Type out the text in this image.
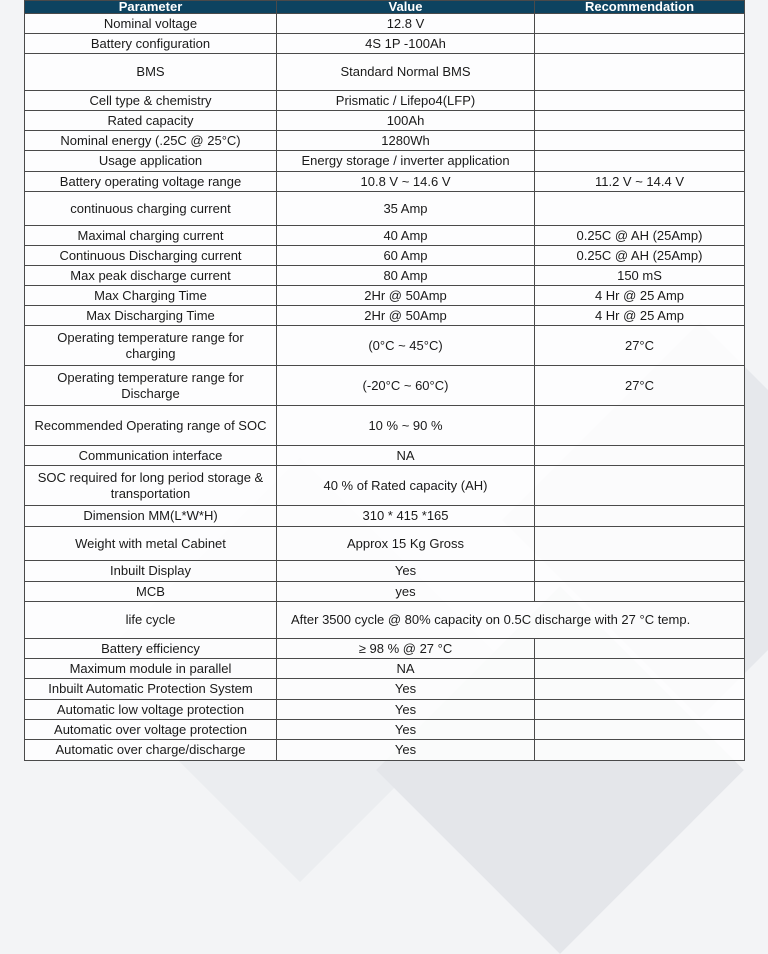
Parameter	Value	Recommendation
Nominal voltage	12.8 V	
Battery configuration	4S 1P -100Ah	
BMS	Standard Normal BMS	
Cell type & chemistry	Prismatic / Lifepo4(LFP)	
Rated capacity	100Ah	
Nominal energy (.25C @ 25°C)	1280Wh	
Usage application	Energy storage / inverter application	
Battery operating voltage range	10.8 V ~ 14.6 V	11.2 V ~ 14.4 V
continuous charging current	35 Amp	
Maximal charging current	40 Amp	0.25C @ AH (25Amp)
Continuous Discharging current	60 Amp	0.25C @ AH (25Amp)
Max peak discharge current	80 Amp	150 mS
Max Charging Time	2Hr @ 50Amp	4 Hr @ 25 Amp
Max Discharging Time	2Hr @ 50Amp	4 Hr @ 25 Amp
Operating temperature range for charging	(0°C ~ 45°C)	27°C
Operating temperature range for Discharge	(-20°C ~ 60°C)	27°C
Recommended Operating range of SOC	10 % ~ 90 %	
Communication interface	NA	
SOC required for long period storage & transportation	40 % of Rated capacity (AH)	
Dimension MM(L*W*H)	310 * 415 *165	
Weight with metal Cabinet	Approx 15 Kg Gross	
Inbuilt Display	Yes	
MCB	yes	
life cycle	After 3500 cycle @ 80% capacity on 0.5C discharge with 27 °C temp.	
Battery efficiency	≥ 98 % @ 27 °C	
Maximum module in parallel	NA	
Inbuilt Automatic Protection System	Yes	
Automatic low voltage protection	Yes	
Automatic over voltage protection	Yes	
Automatic over charge/discharge	Yes	
